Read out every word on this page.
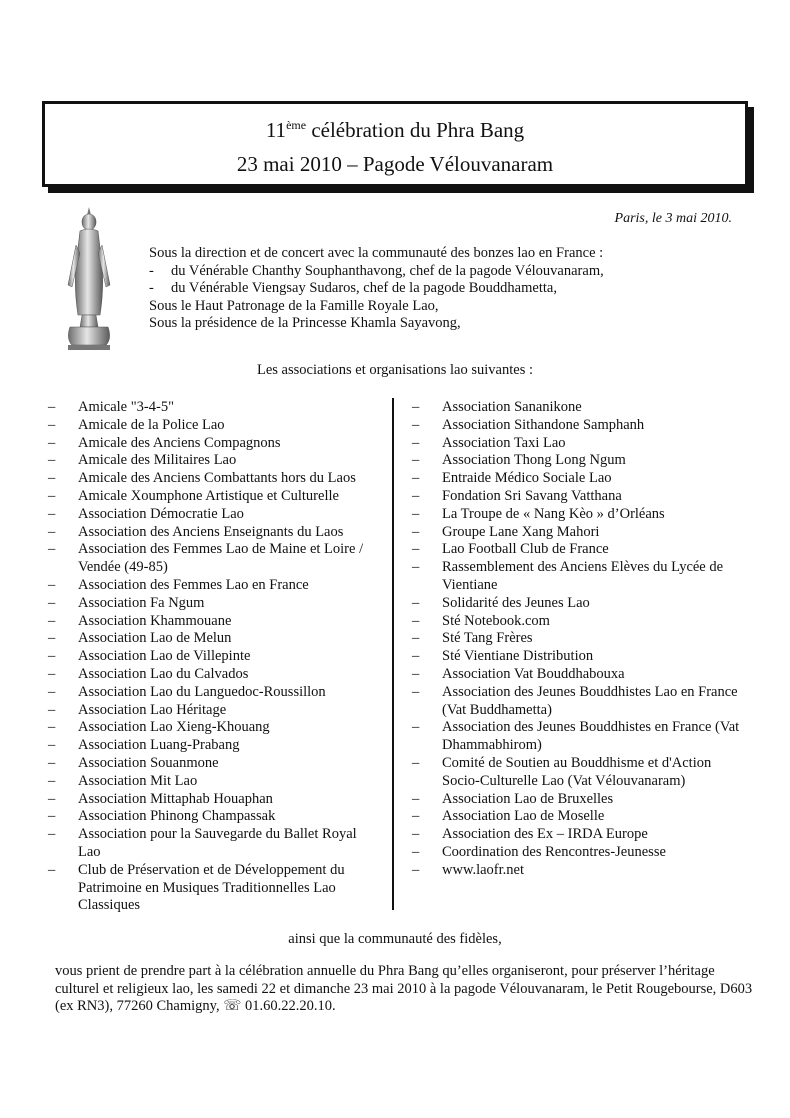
11ème célébration du Phra Bang
23 mai 2010 – Pagode Vélouvanaram
Paris, le 3 mai 2010.
Sous la direction et de concert avec la communauté des bonzes lao en France :
- du Vénérable Chanthy Souphanthavong, chef de la pagode Vélouvanaram,
- du Vénérable Viengsay Sudaros, chef de la pagode Bouddhametta,
Sous le Haut Patronage de la Famille Royale Lao,
Sous la présidence de la Princesse Khamla Sayavong,
Les associations et organisations lao suivantes :
–	Amicale "3-4-5"
–	Amicale de la Police Lao
–	Amicale des Anciens Compagnons
–	Amicale des Militaires Lao
–	Amicale des Anciens Combattants hors du Laos
–	Amicale Xoumphone Artistique et Culturelle
–	Association Démocratie Lao
–	Association des Anciens Enseignants du Laos
–	Association des Femmes Lao de Maine et Loire / Vendée (49-85)
–	Association des Femmes Lao en France
–	Association Fa Ngum
–	Association Khammouane
–	Association Lao de Melun
–	Association Lao de Villepinte
–	Association Lao du Calvados
–	Association Lao du Languedoc-Roussillon
–	Association Lao Héritage
–	Association Lao Xieng-Khouang
–	Association Luang-Prabang
–	Association Souanmone
–	Association Mit Lao
–	Association Mittaphab Houaphan
–	Association Phinong Champassak
–	Association pour la Sauvegarde du Ballet Royal Lao
–	Club de Préservation et de Développement du Patrimoine en Musiques Traditionnelles Lao Classiques
–	Association Sananikone
–	Association Sithandone Samphanh
–	Association Taxi Lao
–	Association Thong Long Ngum
–	Entraide Médico Sociale Lao
–	Fondation Sri Savang Vatthana
–	La Troupe de « Nang Kèo » d’Orléans
–	Groupe Lane Xang Mahori
–	Lao Football Club de France
–	Rassemblement des Anciens Elèves du Lycée de Vientiane
–	Solidarité des Jeunes Lao
–	Sté Notebook.com
–	Sté Tang Frères
–	Sté Vientiane Distribution
–	Association Vat Bouddhabouxa
–	Association des Jeunes Bouddhistes Lao en France (Vat Buddhametta)
–	Association des Jeunes Bouddhistes en France (Vat Dhammabhirom)
–	Comité de Soutien au Bouddhisme et d'Action Socio-Culturelle Lao (Vat Vélouvanaram)
–	Association Lao de Bruxelles
–	Association Lao de Moselle
–	Association des Ex – IRDA Europe
–	Coordination des Rencontres-Jeunesse
–	www.laofr.net
ainsi que la communauté des fidèles,
vous prient de prendre part à la célébration annuelle du Phra Bang qu’elles organiseront, pour préserver l’héritage culturel et religieux lao, les samedi 22 et dimanche 23 mai 2010 à la pagode Vélouvanaram, le Petit Rougebourse, D603 (ex RN3), 77260 Chamigny, ☏ 01.60.22.20.10.
